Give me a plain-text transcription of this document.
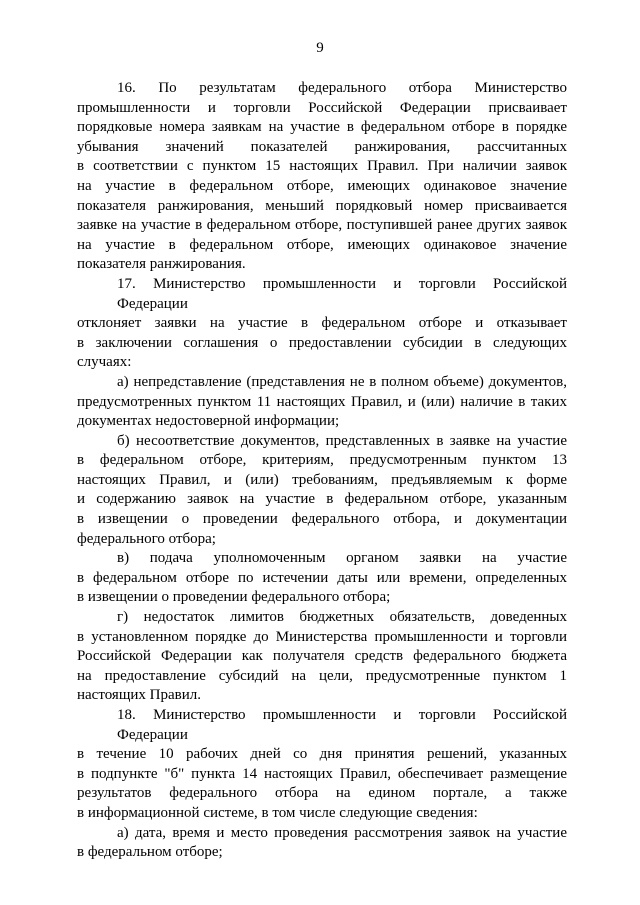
9

16. По результатам федерального отбора Министерство
промышленности и торговли Российской Федерации присваивает
порядковые номера заявкам на участие в федеральном отборе в порядке
убывания значений показателей ранжирования, рассчитанных
в соответствии с пунктом 15 настоящих Правил. При наличии заявок
на участие в федеральном отборе, имеющих одинаковое значение
показателя ранжирования, меньший порядковый номер присваивается
заявке на участие в федеральном отборе, поступившей ранее других заявок
на участие в федеральном отборе, имеющих одинаковое значение
показателя ранжирования.

17. Министерство промышленности и торговли Российской Федерации
отклоняет заявки на участие в федеральном отборе и отказывает
в заключении соглашения о предоставлении субсидии в следующих
случаях:

а) непредставление (представления не в полном объеме) документов,
предусмотренных пунктом 11 настоящих Правил, и (или) наличие в таких
документах недостоверной информации;

б) несоответствие документов, представленных в заявке на участие
в федеральном отборе, критериям, предусмотренным пунктом 13
настоящих Правил, и (или) требованиям, предъявляемым к форме
и содержанию заявок на участие в федеральном отборе, указанным
в извещении о проведении федерального отбора, и документации
федерального отбора;

в) подача уполномоченным органом заявки на участие
в федеральном отборе по истечении даты или времени, определенных
в извещении о проведении федерального отбора;

г) недостаток лимитов бюджетных обязательств, доведенных
в установленном порядке до Министерства промышленности и торговли
Российской Федерации как получателя средств федерального бюджета
на предоставление субсидий на цели, предусмотренные пунктом 1
настоящих Правил.

18. Министерство промышленности и торговли Российской Федерации
в течение 10 рабочих дней со дня принятия решений, указанных
в подпункте "б" пункта 14 настоящих Правил, обеспечивает размещение
результатов федерального отбора на едином портале, а также
в информационной системе, в том числе следующие сведения:

а) дата, время и место проведения рассмотрения заявок на участие
в федеральном отборе;
